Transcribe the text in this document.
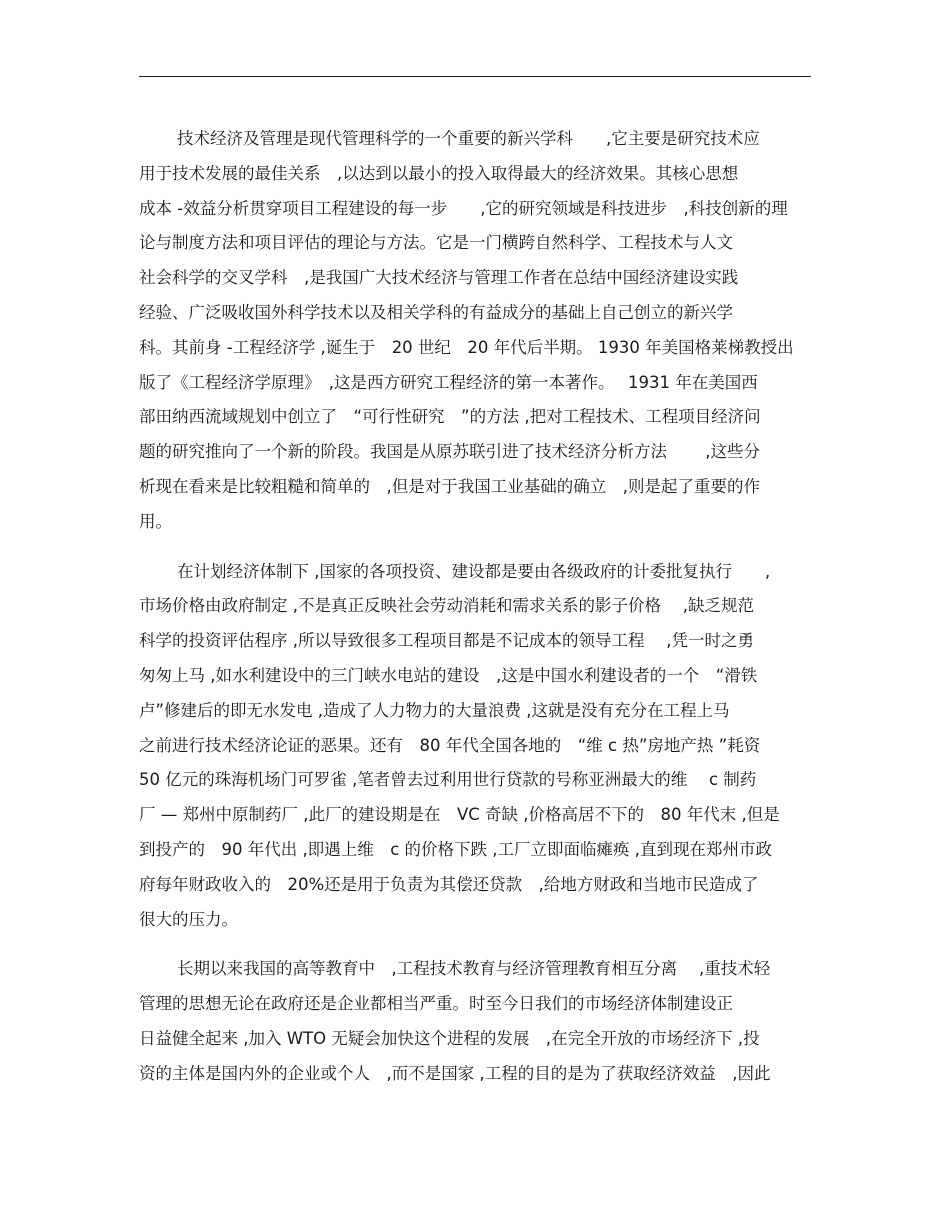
技术经济及管理是现代管理科学的一个重要的新兴学科　　,它主要是研究技术应
用于技术发展的最佳关系　,以达到以最小的投入取得最大的经济效果。其核心思想
成本 -效益分析贯穿项目工程建设的每一步　　,它的研究领域是科技进步　,科技创新的理
论与制度方法和项目评估的理论与方法。它是一门横跨自然科学、工程技术与人文
社会科学的交叉学科　,是我国广大技术经济与管理工作者在总结中国经济建设实践
经验、广泛吸收国外科学技术以及相关学科的有益成分的基础上自己创立的新兴学
科。其前身 -工程经济学 ,诞生于　20 世纪　20 年代后半期。 1930 年美国格莱梯教授出
版了《工程经济学原理》　,这是西方研究工程经济的第一本著作。　 1931 年在美国西
部田纳西流域规划中创立了　“可行性研究　”的方法 ,把对工程技术、工程项目经济问
题的研究推向了一个新的阶段。我国是从原苏联引进了技术经济分析方法　　 ,这些分
析现在看来是比较粗糙和简单的　,但是对于我国工业基础的确立　,则是起了重要的作
用。
在计划经济体制下 ,国家的各项投资、建设都是要由各级政府的计委批复执行　　,
市场价格由政府制定 ,不是真正反映社会劳动消耗和需求关系的影子价格　 ,缺乏规范
科学的投资评估程序 ,所以导致很多工程项目都是不记成本的领导工程　 ,凭一时之勇
匆匆上马 ,如水利建设中的三门峡水电站的建设　,这是中国水利建设者的一个　“滑铁
卢”修建后的即无水发电 ,造成了人力物力的大量浪费 ,这就是没有充分在工程上马
之前进行技术经济论证的恶果。还有　80 年代全国各地的　“维 c 热”房地产热 ”耗资
50 亿元的珠海机场门可罗雀 ,笔者曾去过利用世行贷款的号称亚洲最大的维　 c 制药
厂 — 郑州中原制药厂 ,此厂的建设期是在　VC 奇缺 ,价格高居不下的　80 年代末 ,但是
到投产的　90 年代出 ,即遇上维　c 的价格下跌 ,工厂立即面临瘫痪 ,直到现在郑州市政
府每年财政收入的　20%还是用于负责为其偿还贷款　,给地方财政和当地市民造成了
很大的压力。
长期以来我国的高等教育中　,工程技术教育与经济管理教育相互分离　 ,重技术轻
管理的思想无论在政府还是企业都相当严重。时至今日我们的市场经济体制建设正
日益健全起来 ,加入 WTO 无疑会加快这个进程的发展　,在完全开放的市场经济下 ,投
资的主体是国内外的企业或个人　,而不是国家 ,工程的目的是为了获取经济效益　,因此
